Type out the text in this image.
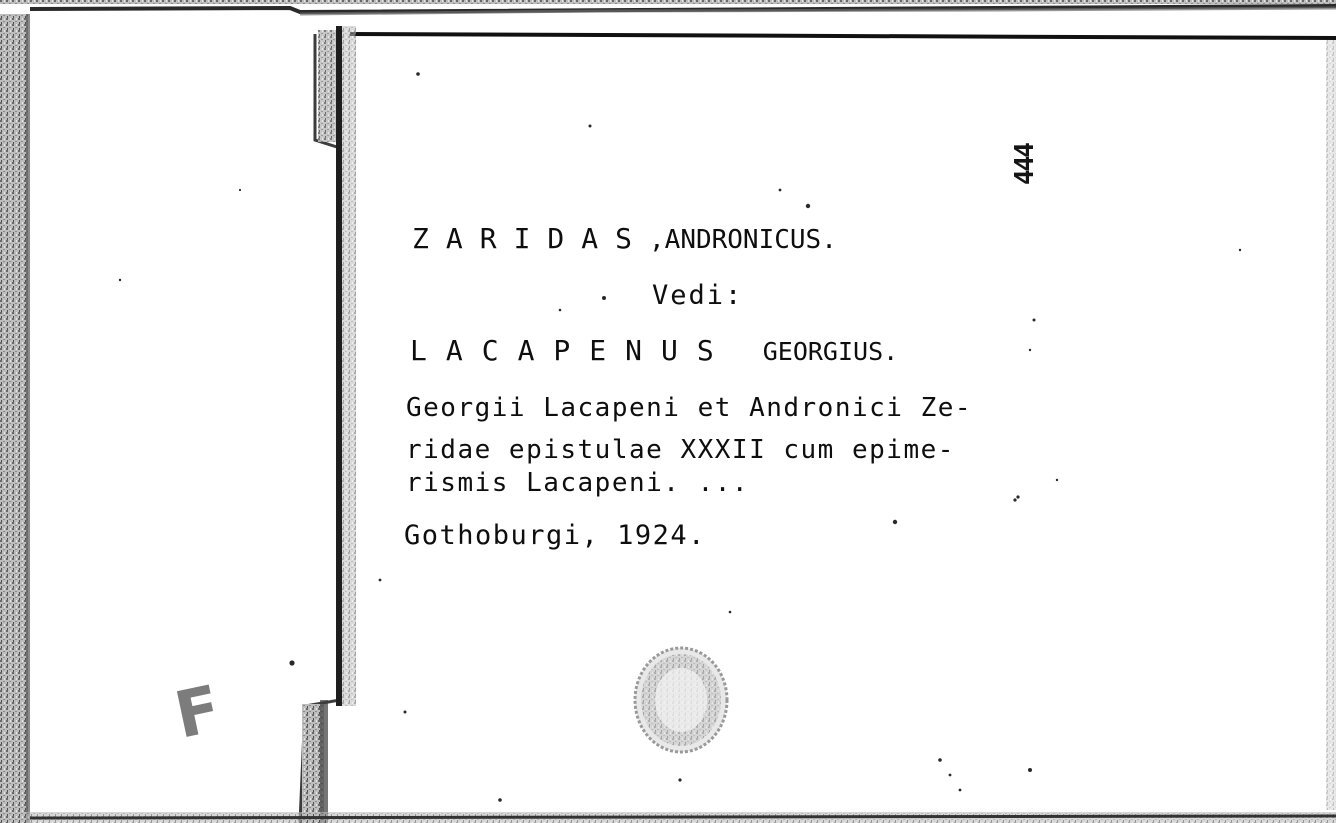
ZARIDAS,ANDRONICUS.
Vedi:
LACAPENUS GEORGIUS.
Georgii Lacapeni et Andronici Ze-
ridae epistulae XXXII cum epime-
rismis Lacapeni. ...
Gothoburgi, 1924.
444
F
